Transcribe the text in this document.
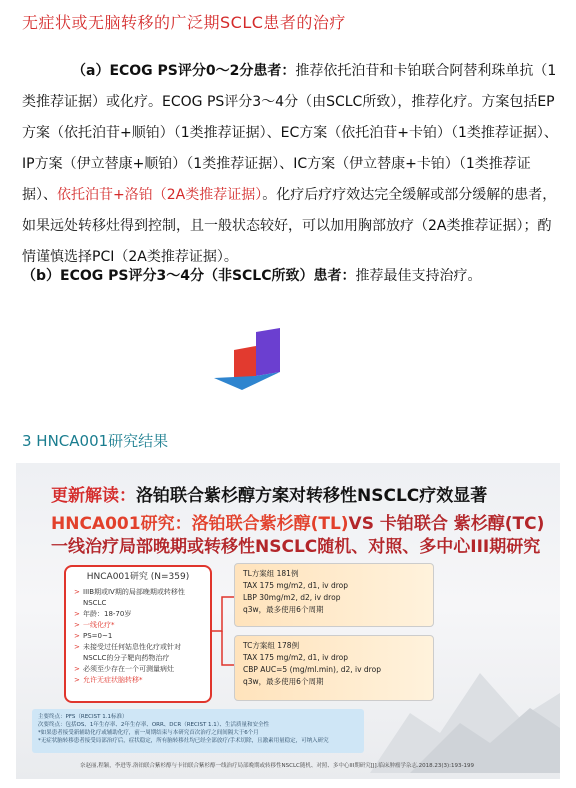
无症状或无脑转移的广泛期SCLC患者的治疗
（a）ECOG PS评分0～2分患者：推荐依托泊苷和卡铂联合阿替利珠单抗（1类推荐证据）或化疗。ECOG PS评分3～4分（由SCLC所致），推荐化疗。方案包括EP方案（依托泊苷+顺铂）（1类推荐证据）、EC方案（依托泊苷+卡铂）（1类推荐证据）、IP方案（伊立替康+顺铂）（1类推荐证据）、IC方案（伊立替康+卡铂）（1类推荐证据）、依托泊苷+洛铂（2A类推荐证据）。化疗后疗疗效达完全缓解或部分缓解的患者，如果远处转移灶得到控制，且一般状态较好，可以加用胸部放疗（2A类推荐证据）；酌情谨慎选择PCI（2A类推荐证据）。
（b）ECOG PS评分3～4分（非SCLC所致）患者：推荐最佳支持治疗。
3 HNCA001研究结果
更新解读：洛铂联合紫杉醇方案对转移性NSCLC疗效显著
HNCA001研究：洛铂联合紫杉醇(TL)VS 卡铂联合 紫杉醇(TC)一线治疗局部晚期或转移性NSCLC随机、对照、多中心III期研究
HNCA001研究 (N=359)
> IIIB期或IV期的局部晚期或转移性NSCLC
> 年龄：18-70岁
> 一线化疗*
> PS=0~1
> 未接受过任何姑息性化疗或针对NSCLC的分子靶向药物治疗
> 必须至少存在一个可测量病灶
> 允许无症状脑转移*
TL方案组 181例
TAX 175 mg/m2, d1, iv drop
LBP 30mg/m2, d2, iv drop
q3w，最多使用6个周期
TC方案组 178例
TAX 175 mg/m2, d1, iv drop
CBP AUC=5 (mg/ml.min), d2, iv drop
q3w，最多使用6个周期
主要终点：PFS（RECIST 1.1标准）
次要终点：包括OS、1年生存率、2年生存率、ORR、DCR（RECIST 1.1）、生活质量和安全性
*如果患者接受新辅助化疗或辅助化疗，前一周期结束与本研究首次治疗之间间隔大于6个月
*无症状脑转移患者接受局部治疗后，症状稳定，所有脑转移灶均已经全部放疗/手术切除，且激素用量稳定，可纳入研究
奈赵丽,程颖，李进等.洛铂联合紫杉醇与卡铂联合紫杉醇一线治疗局部晚期或转移性NSCLC随机、对照、多中心III期研究[J].临床肿瘤学杂志.2018.23(3):193-199
